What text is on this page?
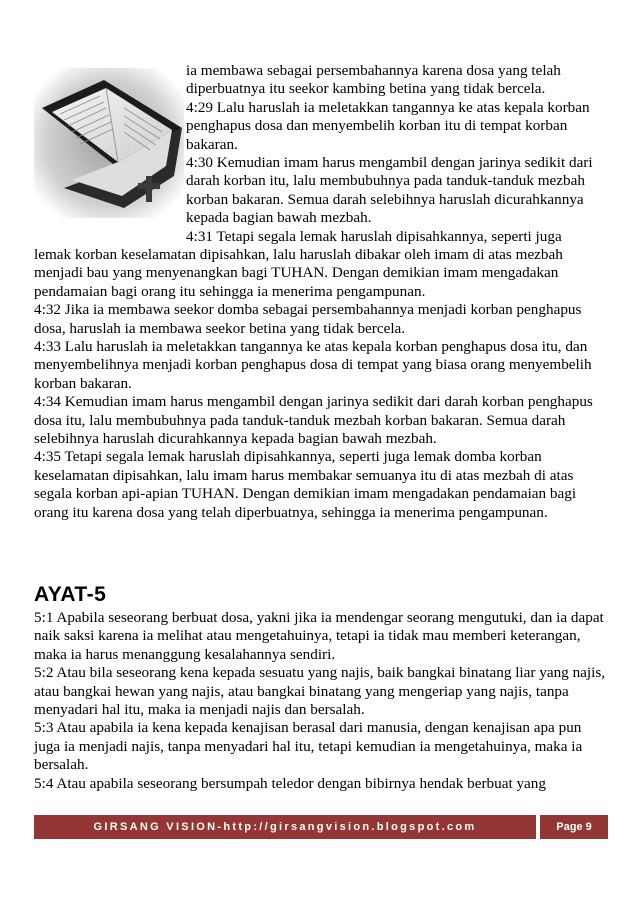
ia membawa sebagai persembahannya karena dosa yang telah diperbuatnya itu seekor kambing betina yang tidak bercela.

4:29 Lalu haruslah ia meletakkan tangannya ke atas kepala korban penghapus dosa dan menyembelih korban itu di tempat korban bakaran.

4:30 Kemudian imam harus mengambil dengan jarinya sedikit dari darah korban itu, lalu membubuhnya pada tanduk-tanduk mezbah korban bakaran. Semua darah selebihnya haruslah dicurahkannya kepada bagian bawah mezbah.

4:31 Tetapi segala lemak haruslah dipisahkannya, seperti juga

lemak korban keselamatan dipisahkan, lalu haruslah dibakar oleh imam di atas mezbah menjadi bau yang menyenangkan bagi TUHAN. Dengan demikian imam mengadakan pendamaian bagi orang itu sehingga ia menerima pengampunan.

4:32 Jika ia membawa seekor domba sebagai persembahannya menjadi korban penghapus dosa, haruslah ia membawa seekor betina yang tidak bercela.

4:33 Lalu haruslah ia meletakkan tangannya ke atas kepala korban penghapus dosa itu, dan menyembelihnya menjadi korban penghapus dosa di tempat yang biasa orang menyembelih korban bakaran.

4:34 Kemudian imam harus mengambil dengan jarinya sedikit dari darah korban penghapus dosa itu, lalu membubuhnya pada tanduk-tanduk mezbah korban bakaran. Semua darah selebihnya haruslah dicurahkannya kepada bagian bawah mezbah.

4:35 Tetapi segala lemak haruslah dipisahkannya, seperti juga lemak domba korban keselamatan dipisahkan, lalu imam harus membakar semuanya itu di atas mezbah di atas segala korban api-apian TUHAN. Dengan demikian imam mengadakan pendamaian bagi orang itu karena dosa yang telah diperbuatnya, sehingga ia menerima pengampunan.

AYAT-5

5:1 Apabila seseorang berbuat dosa, yakni jika ia mendengar seorang mengutuki, dan ia dapat naik saksi karena ia melihat atau mengetahuinya, tetapi ia tidak mau memberi keterangan, maka ia harus menanggung kesalahannya sendiri.

5:2 Atau bila seseorang kena kepada sesuatu yang najis, baik bangkai binatang liar yang najis, atau bangkai hewan yang najis, atau bangkai binatang yang mengeriap yang najis, tanpa menyadari hal itu, maka ia menjadi najis dan bersalah.

5:3 Atau apabila ia kena kepada kenajisan berasal dari manusia, dengan kenajisan apa pun juga ia menjadi najis, tanpa menyadari hal itu, tetapi kemudian ia mengetahuinya, maka ia bersalah.

5:4 Atau apabila seseorang bersumpah teledor dengan bibirnya hendak berbuat yang

GIRSANG VISION-http://girsangvision.blogspot.com	Page 9
